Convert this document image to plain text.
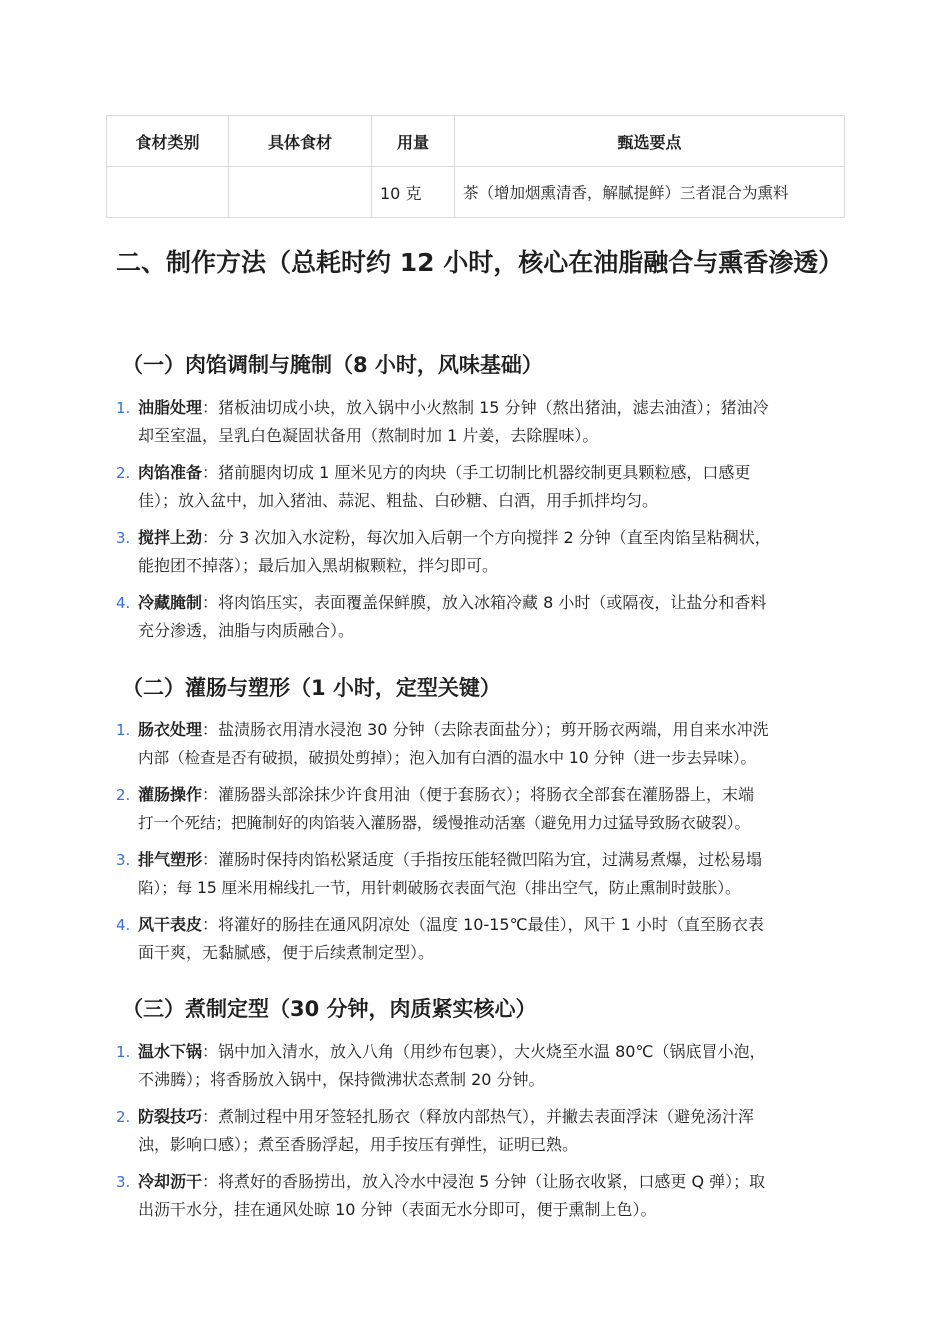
食材类别	具体食材	用量	甄选要点
		10 克	茶（增加烟熏清香，解腻提鲜）三者混合为熏料
二、制作方法（总耗时约 12 小时，核心在油脂融合与熏香渗透）
（一）肉馅调制与腌制（8 小时，风味基础）
1. 油脂处理：猪板油切成小块，放入锅中小火熬制 15 分钟（熬出猪油，滤去油渣）；猪油冷
却至室温，呈乳白色凝固状备用（熬制时加 1 片姜，去除腥味）。
2. 肉馅准备：猪前腿肉切成 1 厘米见方的肉块（手工切制比机器绞制更具颗粒感，口感更
佳）；放入盆中，加入猪油、蒜泥、粗盐、白砂糖、白酒，用手抓拌均匀。
3. 搅拌上劲：分 3 次加入水淀粉，每次加入后朝一个方向搅拌 2 分钟（直至肉馅呈粘稠状，
能抱团不掉落）；最后加入黑胡椒颗粒，拌匀即可。
4. 冷藏腌制：将肉馅压实，表面覆盖保鲜膜，放入冰箱冷藏 8 小时（或隔夜，让盐分和香料
充分渗透，油脂与肉质融合）。
（二）灌肠与塑形（1 小时，定型关键）
1. 肠衣处理：盐渍肠衣用清水浸泡 30 分钟（去除表面盐分）；剪开肠衣两端，用自来水冲洗
内部（检查是否有破损，破损处剪掉）；泡入加有白酒的温水中 10 分钟（进一步去异味）。
2. 灌肠操作：灌肠器头部涂抹少许食用油（便于套肠衣）；将肠衣全部套在灌肠器上，末端
打一个死结；把腌制好的肉馅装入灌肠器，缓慢推动活塞（避免用力过猛导致肠衣破裂）。
3. 排气塑形：灌肠时保持肉馅松紧适度（手指按压能轻微凹陷为宜，过满易煮爆，过松易塌
陷）；每 15 厘米用棉线扎一节，用针刺破肠衣表面气泡（排出空气，防止熏制时鼓胀）。
4. 风干表皮：将灌好的肠挂在通风阴凉处（温度 10-15℃最佳），风干 1 小时（直至肠衣表
面干爽，无黏腻感，便于后续煮制定型）。
（三）煮制定型（30 分钟，肉质紧实核心）
1. 温水下锅：锅中加入清水，放入八角（用纱布包裹），大火烧至水温 80℃（锅底冒小泡，
不沸腾）；将香肠放入锅中，保持微沸状态煮制 20 分钟。
2. 防裂技巧：煮制过程中用牙签轻扎肠衣（释放内部热气），并撇去表面浮沫（避免汤汁浑
浊，影响口感）；煮至香肠浮起，用手按压有弹性，证明已熟。
3. 冷却沥干：将煮好的香肠捞出，放入冷水中浸泡 5 分钟（让肠衣收紧，口感更 Q 弹）；取
出沥干水分，挂在通风处晾 10 分钟（表面无水分即可，便于熏制上色）。
